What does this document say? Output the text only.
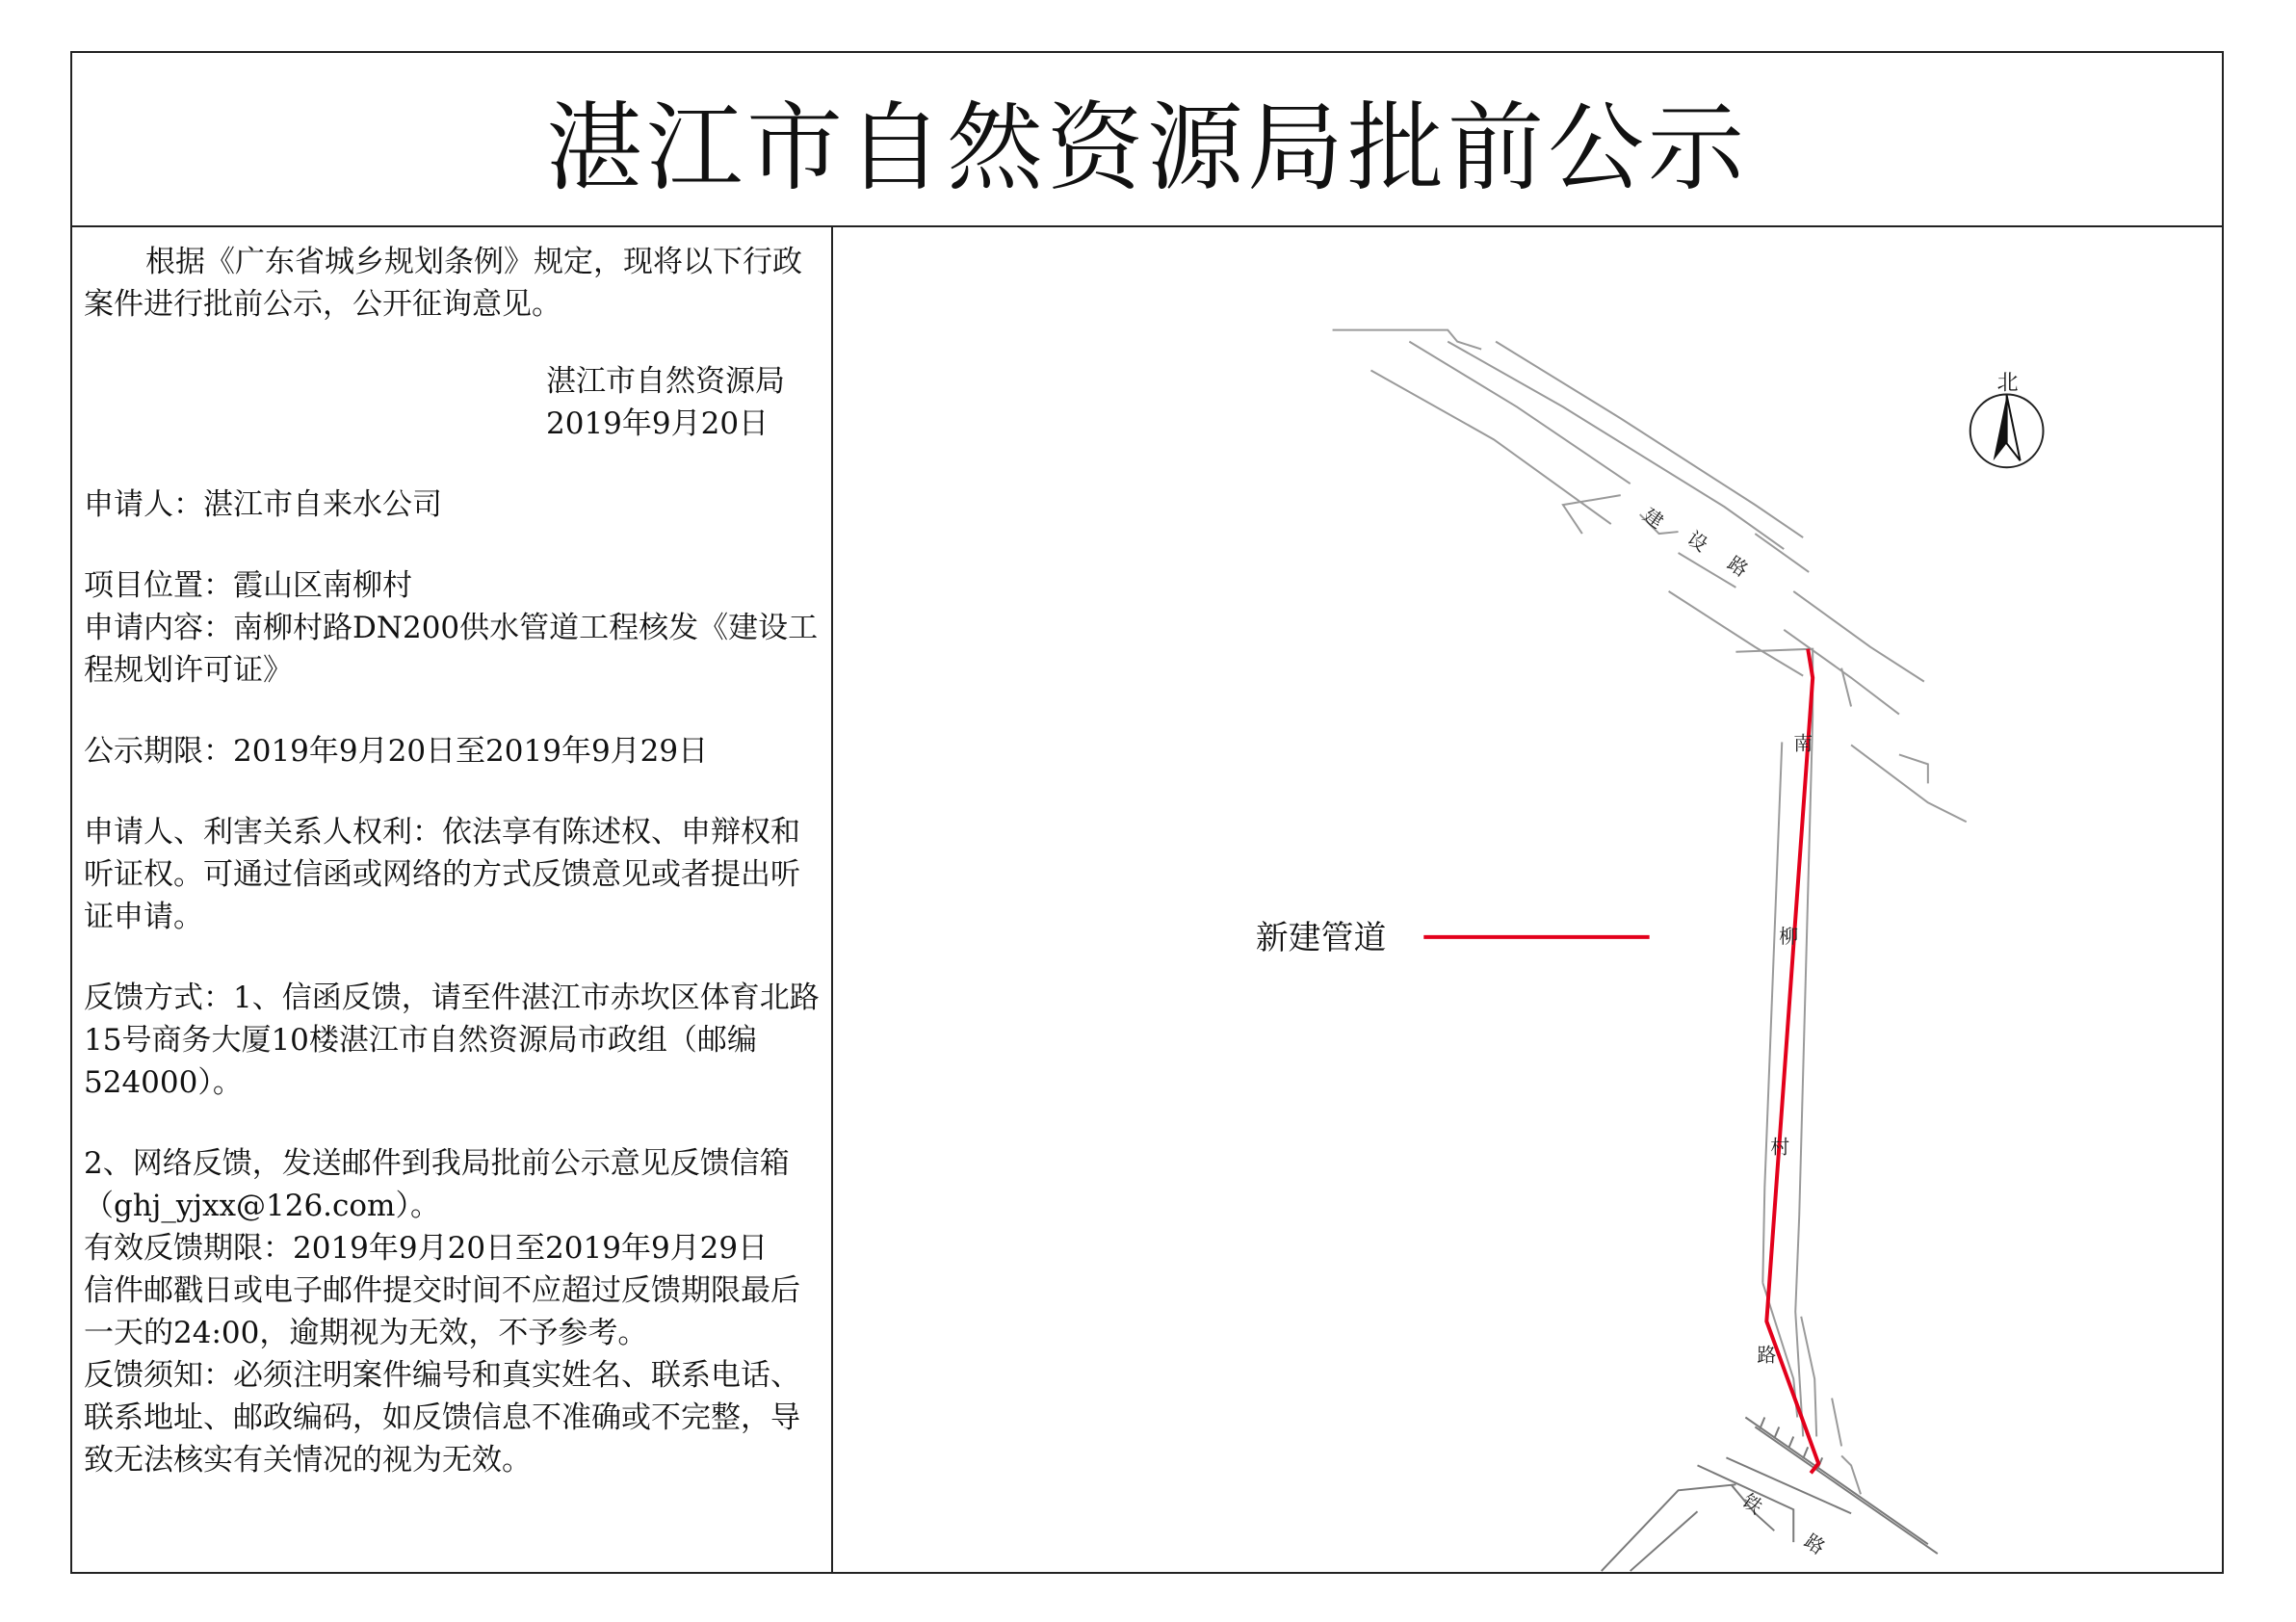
湛江市自然资源局批前公示

根据《广东省城乡规划条例》规定，现将以下行政案件进行批前公示，公开征询意见。

湛江市自然资源局

2019年9月20日

申请人：湛江市自来水公司

项目位置：霞山区南柳村

申请内容：南柳村路DN200供水管道工程核发《建设工程规划许可证》

公示期限：2019年9月20日至2019年9月29日

申请人、利害关系人权利：依法享有陈述权、申辩权和听证权。可通过信函或网络的方式反馈意见或者提出听证申请。

反馈方式：1、信函反馈，请至件湛江市赤坎区体育北路15号商务大厦10楼湛江市自然资源局市政组（邮编524000）。

2、网络反馈，发送邮件到我局批前公示意见反馈信箱（ghj_yjxx@126.com）。

有效反馈期限：2019年9月20日至2019年9月29日

信件邮戳日或电子邮件提交时间不应超过反馈期限最后一天的24:00，逾期视为无效，不予参考。

反馈须知：必须注明案件编号和真实姓名、联系电话、联系地址、邮政编码，如反馈信息不准确或不完整，导致无法核实有关情况的视为无效。

建
设
路
南
柳
村
路
铁
路
北
新建管道
